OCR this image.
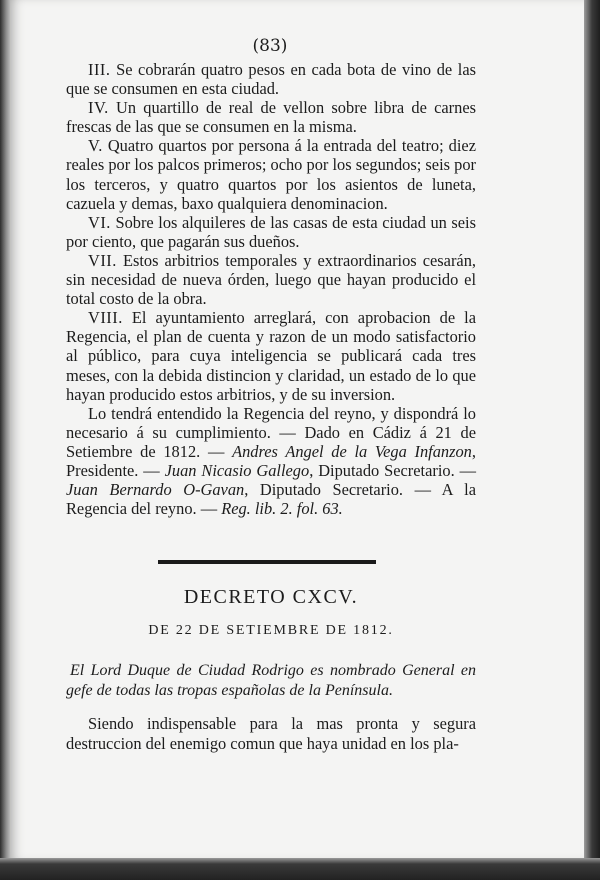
(83)

III. Se cobrarán quatro pesos en cada bota de vino de las que se consumen en esta ciudad.

IV. Un quartillo de real de vellon sobre libra de carnes frescas de las que se consumen en la misma.

V. Quatro quartos por persona á la entrada del teatro; diez reales por los palcos primeros; ocho por los segundos; seis por los terceros, y quatro quartos por los asientos de luneta, cazuela y demas, baxo qualquiera denominacion.

VI. Sobre los alquileres de las casas de esta ciudad un seis por ciento, que pagarán sus dueños.

VII. Estos arbitrios temporales y extraordinarios cesarán, sin necesidad de nueva órden, luego que hayan producido el total costo de la obra.

VIII. El ayuntamiento arreglará, con aprobacion de la Regencia, el plan de cuenta y razon de un modo satisfactorio al público, para cuya inteligencia se publicará cada tres meses, con la debida distincion y claridad, un estado de lo que hayan producido estos arbitrios, y de su inversion.

Lo tendrá entendido la Regencia del reyno, y dispondrá lo necesario á su cumplimiento. — Dado en Cádiz á 21 de Setiembre de 1812. — Andres Angel de la Vega Infanzon, Presidente. — Juan Nicasio Gallego, Diputado Secretario. — Juan Bernardo O-Gavan, Diputado Secretario. — A la Regencia del reyno. — Reg. lib. 2. fol. 63.

DECRETO CXCV.
DE 22 DE SETIEMBRE DE 1812.
El Lord Duque de Ciudad Rodrigo es nombrado General en gefe de todas las tropas españolas de la Península.
Siendo indispensable para la mas pronta y segura destruccion del enemigo comun que haya unidad en los pla-
